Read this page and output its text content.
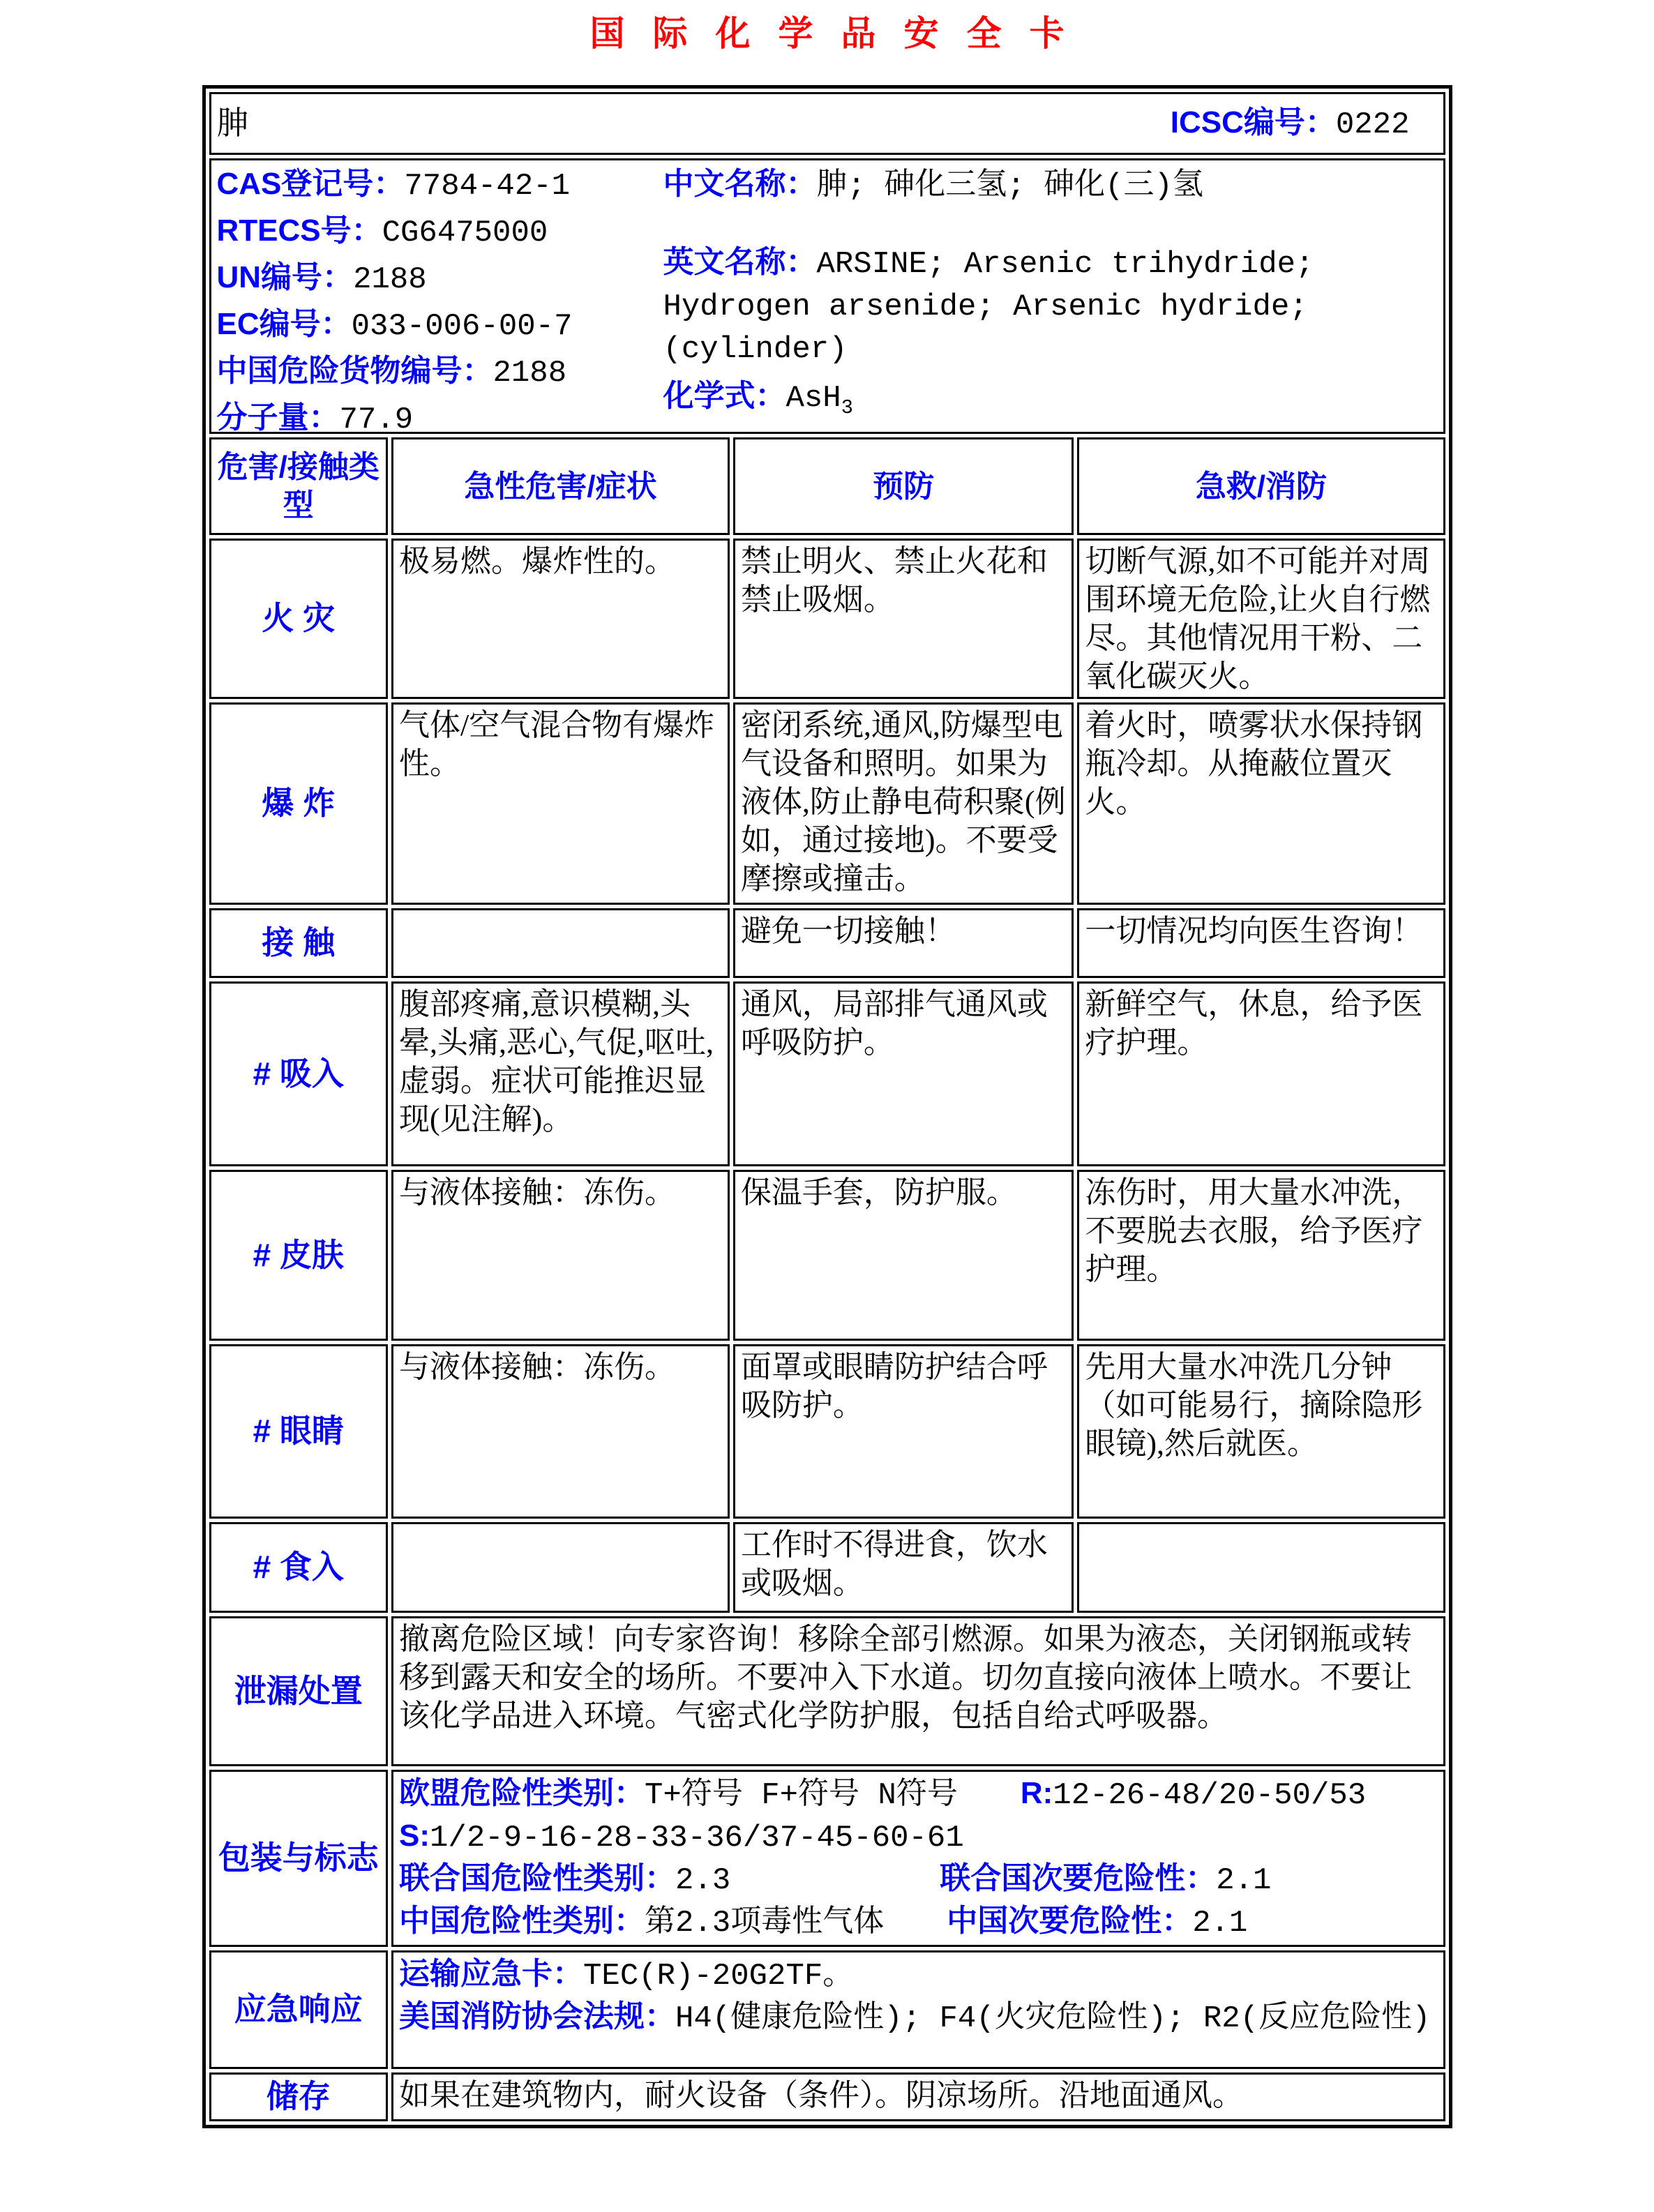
国际化学品安全卡
胂 ICSC编号：0222			

CAS登记号：7784-42-1
RTECS号：CG6475000
UN编号：2188
EC编号：033-006-00-7
中国危险货物编号：2188
分子量：77.9
中文名称：胂; 砷化三氢; 砷化(三)氢
英文名称：ARSINE; Arsenic trihydride; Hydrogen arsenide; Arsenic hydride; (cylinder)
化学式：AsH$_3$

危害/接触类型	急性危害/症状	预防	急救/消防
火 灾	极易燃。爆炸性的。	禁止明火、禁止火花和禁止吸烟。	切断气源,如不可能并对周围环境无危险,让火自行燃尽。其他情况用干粉、二氧化碳灭火。
爆 炸	气体/空气混合物有爆炸性。	密闭系统,通风,防爆型电气设备和照明。如果为液体,防止静电荷积聚(例如，通过接地)。不要受摩擦或撞击。	着火时，喷雾状水保持钢瓶冷却。从掩蔽位置灭火。
接 触		避免一切接触！	一切情况均向医生咨询！
# 吸入	腹部疼痛,意识模糊,头晕,头痛,恶心,气促,呕吐,虚弱。症状可能推迟显现(见注解)。	通风，局部排气通风或呼吸防护。	新鲜空气，休息，给予医疗护理。
# 皮肤	与液体接触：冻伤。	保温手套，防护服。	冻伤时，用大量水冲洗，不要脱去衣服，给予医疗护理。
# 眼睛	与液体接触：冻伤。	面罩或眼睛防护结合呼吸防护。	先用大量水冲洗几分钟（如可能易行，摘除隐形眼镜),然后就医。
# 食入		工作时不得进食，饮水或吸烟。	
泄漏处置	撤离危险区域！向专家咨询！移除全部引燃源。如果为液态，关闭钢瓶或转移到露天和安全的场所。不要冲入下水道。切勿直接向液体上喷水。不要让该化学品进入环境。气密式化学防护服，包括自给式呼吸器。		
包装与标志	欧盟危险性类别：T+符号 F+符号 N符号 R:12-26-48/20-50/53
S:1/2-9-16-28-33-36/37-45-60-61
联合国危险性类别：2.3 联合国次要危险性：2.1
中国危险性类别：第2.3项毒性气体 中国次要危险性：2.1		

应急响应	运输应急卡：TEC(R)-20G2TF。
美国消防协会法规：H4(健康危险性); F4(火灾危险性); R2(反应危险性)		

储存	如果在建筑物内，耐火设备（条件）。阴凉场所。沿地面通风。		
